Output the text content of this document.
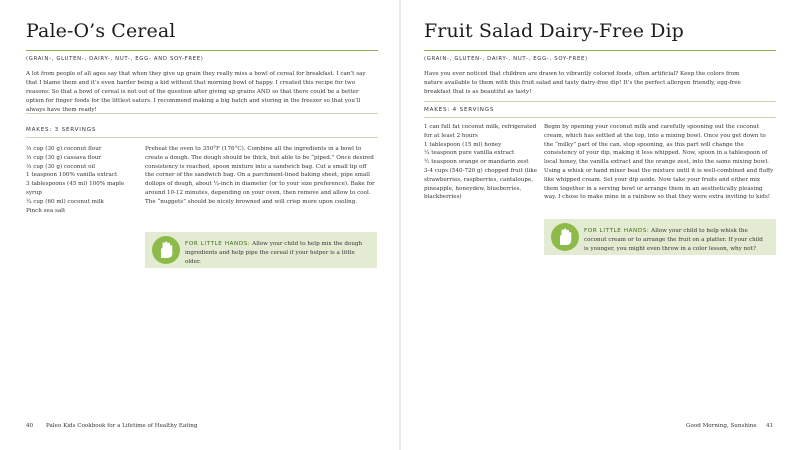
Pale-O’s Cereal
(GRAIN-, GLUTEN-, DAIRY-, NUT-, EGG- AND SOY-FREE)

A lot from people of all ages say that when they give up grain they really miss a bowl of cereal for breakfast. I can’t say that I blame them and it’s even harder being a kid without that morning bowl of happy. I created this recipe for two reasons: So that a bowl of cereal is not out of the question after giving up grains AND so that there could be a better option for finger foods for the littlest eaters. I recommend making a big batch and storing in the freezer so that you’ll always have them ready!

MAKES: 3 SERVINGS
⅓ cup (30 g) coconut flour
⅓ cup (30 g) cassava flour
⅓ cup (30 g) coconut oil
1 teaspoon 100% vanilla extract
3 tablespoons (45 ml) 100% maple syrup
¼ cup (60 ml) coconut milk
Pinch sea salt

Preheat the oven to 350°F (176°C). Combine all the ingredients in a bowl to create a dough. The dough should be thick, but able to be “piped.” Once desired consistency is reached, spoon mixture into a sandwich bag. Cut a small tip off the corner of the sandwich bag. On a parchment-lined baking sheet, pipe small dollops of dough, about ¼-inch in diameter (or to your size preference). Bake for around 10-12 minutes, depending on your oven, then remove and allow to cool. The “nuggets” should be nicely browned and will crisp more upon cooling.

FOR LITTLE HANDS: Allow your child to help mix the dough ingredients and help pipe the cereal if your helper is a little older.

40 Paleo Kids Cookbook for a Lifetime of Healthy Eating
Fruit Salad Dairy-Free Dip
(GRAIN-, GLUTEN-, DAIRY-, NUT-, EGG-, SOY-FREE)

Have you ever noticed that children are drawn to vibrantly colored foods, often artificial? Keep the colors from nature available to them with this fruit salad and tasty dairy-free dip! It’s the perfect allergen friendly, egg-free breakfast that is as beautiful as tasty!

MAKES: 4 SERVINGS
1 can full fat coconut milk, refrigerated for at least 2 hours
1 tablespoon (15 ml) honey
¼ teaspoon pure vanilla extract
½ teaspoon orange or mandarin zest
3-4 cups (540-720 g) chopped fruit (like strawberries, raspberries, cantaloupe, pineapple, honeydew, blueberries, blackberries)

Begin by opening your coconut milk and carefully spooning out the coconut cream, which has settled at the top, into a mixing bowl. Once you get down to the “milky” part of the can, stop spooning, as this part will change the consistency of your dip, making it less whipped. Now, spoon in a tablespoon of local honey, the vanilla extract and the orange zest, into the same mixing bowl. Using a whisk or hand mixer beat the mixture until it is well-combined and fluffy like whipped cream. Set your dip aside. Now take your fruits and either mix them together in a serving bowl or arrange them in an aesthetically pleasing way. I chose to make mine in a rainbow so that they were extra inviting to kids!

FOR LITTLE HANDS: Allow your child to help whisk the coconut cream or to arrange the fruit on a platter. If your child is younger, you might even throw in a color lesson, why not?

Good Morning, Sunshine 41
